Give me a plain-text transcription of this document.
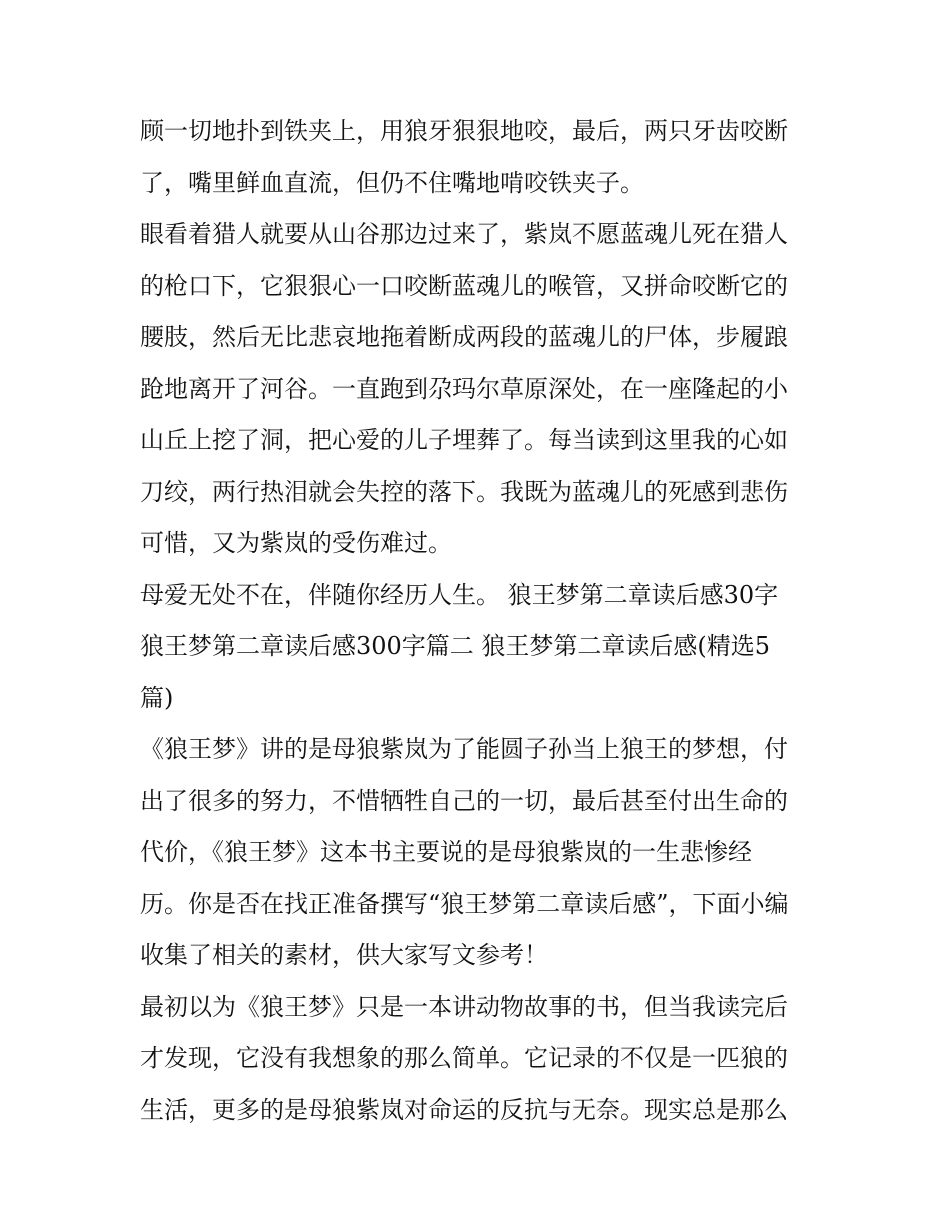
顾一切地扑到铁夹上，用狼牙狠狠地咬，最后，两只牙齿咬断
了，嘴里鲜血直流，但仍不住嘴地啃咬铁夹子。
眼看着猎人就要从山谷那边过来了，紫岚不愿蓝魂儿死在猎人
的枪口下，它狠狠心一口咬断蓝魂儿的喉管，又拼命咬断它的
腰肢，然后无比悲哀地拖着断成两段的蓝魂儿的尸体，步履踉
跄地离开了河谷。一直跑到尕玛尔草原深处，在一座隆起的小
山丘上挖了洞，把心爱的儿子埋葬了。每当读到这里我的心如
刀绞，两行热泪就会失控的落下。我既为蓝魂儿的死感到悲伤
可惜，又为紫岚的受伤难过。
母爱无处不在，伴随你经历人生。 狼王梦第二章读后感30字
狼王梦第二章读后感300字篇二 狼王梦第二章读后感(精选5
篇)
《狼王梦》讲的是母狼紫岚为了能圆子孙当上狼王的梦想，付
出了很多的努力，不惜牺牲自己的一切，最后甚至付出生命的
代价，《狼王梦》这本书主要说的是母狼紫岚的一生悲惨经
历。你是否在找正准备撰写“狼王梦第二章读后感”，下面小编
收集了相关的素材，供大家写文参考！
最初以为《狼王梦》只是一本讲动物故事的书，但当我读完后
才发现，它没有我想象的那么简单。它记录的不仅是一匹狼的
生活，更多的是母狼紫岚对命运的反抗与无奈。现实总是那么
